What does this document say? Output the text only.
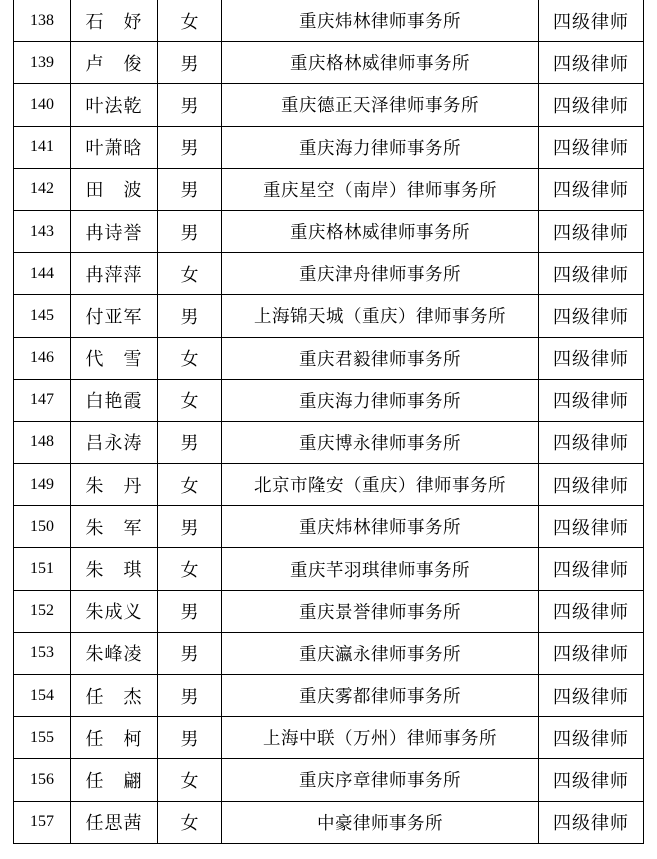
138	石　妤	女	重庆炜林律师事务所	四级律师
139	卢　俊	男	重庆格林威律师事务所	四级律师
140	叶法乾	男	重庆德正天泽律师事务所	四级律师
141	叶萧晗	男	重庆海力律师事务所	四级律师
142	田　波	男	重庆星空（南岸）律师事务所	四级律师
143	冉诗誉	男	重庆格林威律师事务所	四级律师
144	冉萍萍	女	重庆津舟律师事务所	四级律师
145	付亚军	男	上海锦天城（重庆）律师事务所	四级律师
146	代　雪	女	重庆君毅律师事务所	四级律师
147	白艳霞	女	重庆海力律师事务所	四级律师
148	吕永涛	男	重庆博永律师事务所	四级律师
149	朱　丹	女	北京市隆安（重庆）律师事务所	四级律师
150	朱　军	男	重庆炜林律师事务所	四级律师
151	朱　琪	女	重庆芊羽琪律师事务所	四级律师
152	朱成义	男	重庆景誉律师事务所	四级律师
153	朱峰凌	男	重庆瀛永律师事务所	四级律师
154	任　杰	男	重庆雾都律师事务所	四级律师
155	任　柯	男	上海中联（万州）律师事务所	四级律师
156	任　翩	女	重庆序章律师事务所	四级律师
157	任思茜	女	中豪律师事务所	四级律师
